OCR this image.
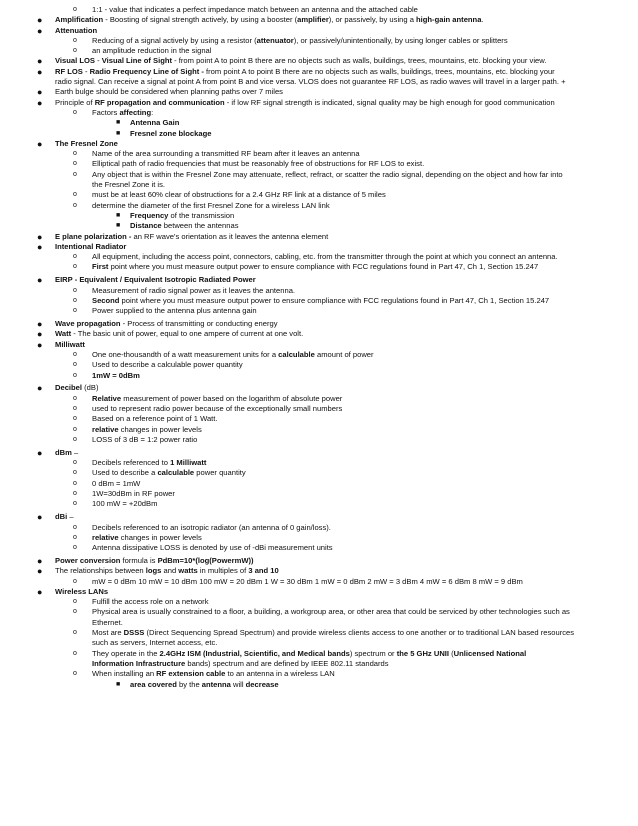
o 1:1 - value that indicates a perfect impedance match between an antenna and the attached cable
● Amplification - Boosting of signal strength actively, by using a booster (amplifier), or passively, by using a high-gain antenna.
● Attenuation
o Reducing of a signal actively by using a resistor (attenuator), or passively/unintentionally, by using longer cables or splitters
o an amplitude reduction in the signal
● Visual LOS - Visual Line of Sight - from point A to point B there are no objects such as walls, buildings, trees, mountains, etc. blocking your view.
● RF LOS - Radio Frequency Line of Sight - from point A to point B there are no objects such as walls, buildings, trees, mountains, etc. blocking your
radio signal. Can receive a signal at point A from point B and vice versa. VLOS does not guarantee RF LOS, as radio waves will travel in a larger path. +
● Earth bulge should be considered when planning paths over 7 miles
● Principle of RF propagation and communication - if low RF signal strength is indicated, signal quality may be high enough for good communication
o Factors affecting:
■ Antenna Gain
■ Fresnel zone blockage
● The Fresnel Zone
o Name of the area surrounding a transmitted RF beam after it leaves an antenna
o Elliptical path of radio frequencies that must be reasonably free of obstructions for RF LOS to exist.
o Any object that is within the Fresnel Zone may attenuate, reflect, refract, or scatter the radio signal, depending on the object and how far into
the Fresnel Zone it is.
o must be at least 60% clear of obstructions for a 2.4 GHz RF link at a distance of 5 miles
o determine the diameter of the first Fresnel Zone for a wireless LAN link
■ Frequency of the transmission
■ Distance between the antennas
● E plane polarization - an RF wave's orientation as it leaves the antenna element
● Intentional Radiator
o All equipment, including the access point, connectors, cabling, etc. from the transmitter through the point at which you connect an antenna.
o First point where you must measure output power to ensure compliance with FCC regulations found in Part 47, Ch 1, Section 15.247
● EIRP - Equivalent / Equivalent Isotropic Radiated Power
o Measurement of radio signal power as it leaves the antenna.
o Second point where you must measure output power to ensure compliance with FCC regulations found in Part 47, Ch 1, Section 15.247
o Power supplied to the antenna plus antenna gain
● Wave propagation - Process of transmitting or conducting energy
● Watt - The basic unit of power, equal to one ampere of current at one volt.
● Milliwatt
o One one-thousandth of a watt measurement units for a calculable amount of power
o Used to describe a calculable power quantity
o 1mW = 0dBm
● Decibel (dB)
o Relative measurement of power based on the logarithm of absolute power
o used to represent radio power because of the exceptionally small numbers
o Based on a reference point of 1 Watt.
o relative changes in power levels
o LOSS of 3 dB = 1:2 power ratio
● dBm –
o Decibels referenced to 1 Milliwatt
o Used to describe a calculable power quantity
o 0 dBm = 1mW
o 1W=30dBm in RF power
o 100 mW = +20dBm
● dBi –
o Decibels referenced to an isotropic radiator (an antenna of 0 gain/loss).
o relative changes in power levels
o Antenna dissipative LOSS is denoted by use of -dBi measurement units
● Power conversion formula is PdBm=10*(log(PowermW))
● The relationships between logs and watts in multiples of 3 and 10
o mW = 0 dBm 10 mW = 10 dBm 100 mW = 20 dBm 1 W = 30 dBm 1 mW = 0 dBm 2 mW = 3 dBm 4 mW = 6 dBm 8 mW = 9 dBm
● Wireless LANs
o Fulfill the access role on a network
o Physical area is usually constrained to a floor, a building, a workgroup area, or other area that could be serviced by other technologies such as
Ethernet.
o Most are DSSS (Direct Sequencing Spread Spectrum) and provide wireless clients access to one another or to traditional LAN based resources
such as servers, Internet access, etc.
o They operate in the 2.4GHz ISM (Industrial, Scientific, and Medical bands) spectrum or the 5 GHz UNII (Unlicensed National
Information Infrastructure bands) spectrum and are defined by IEEE 802.11 standards
o When installing an RF extension cable to an antenna in a wireless LAN
■ area covered by the antenna will decrease
